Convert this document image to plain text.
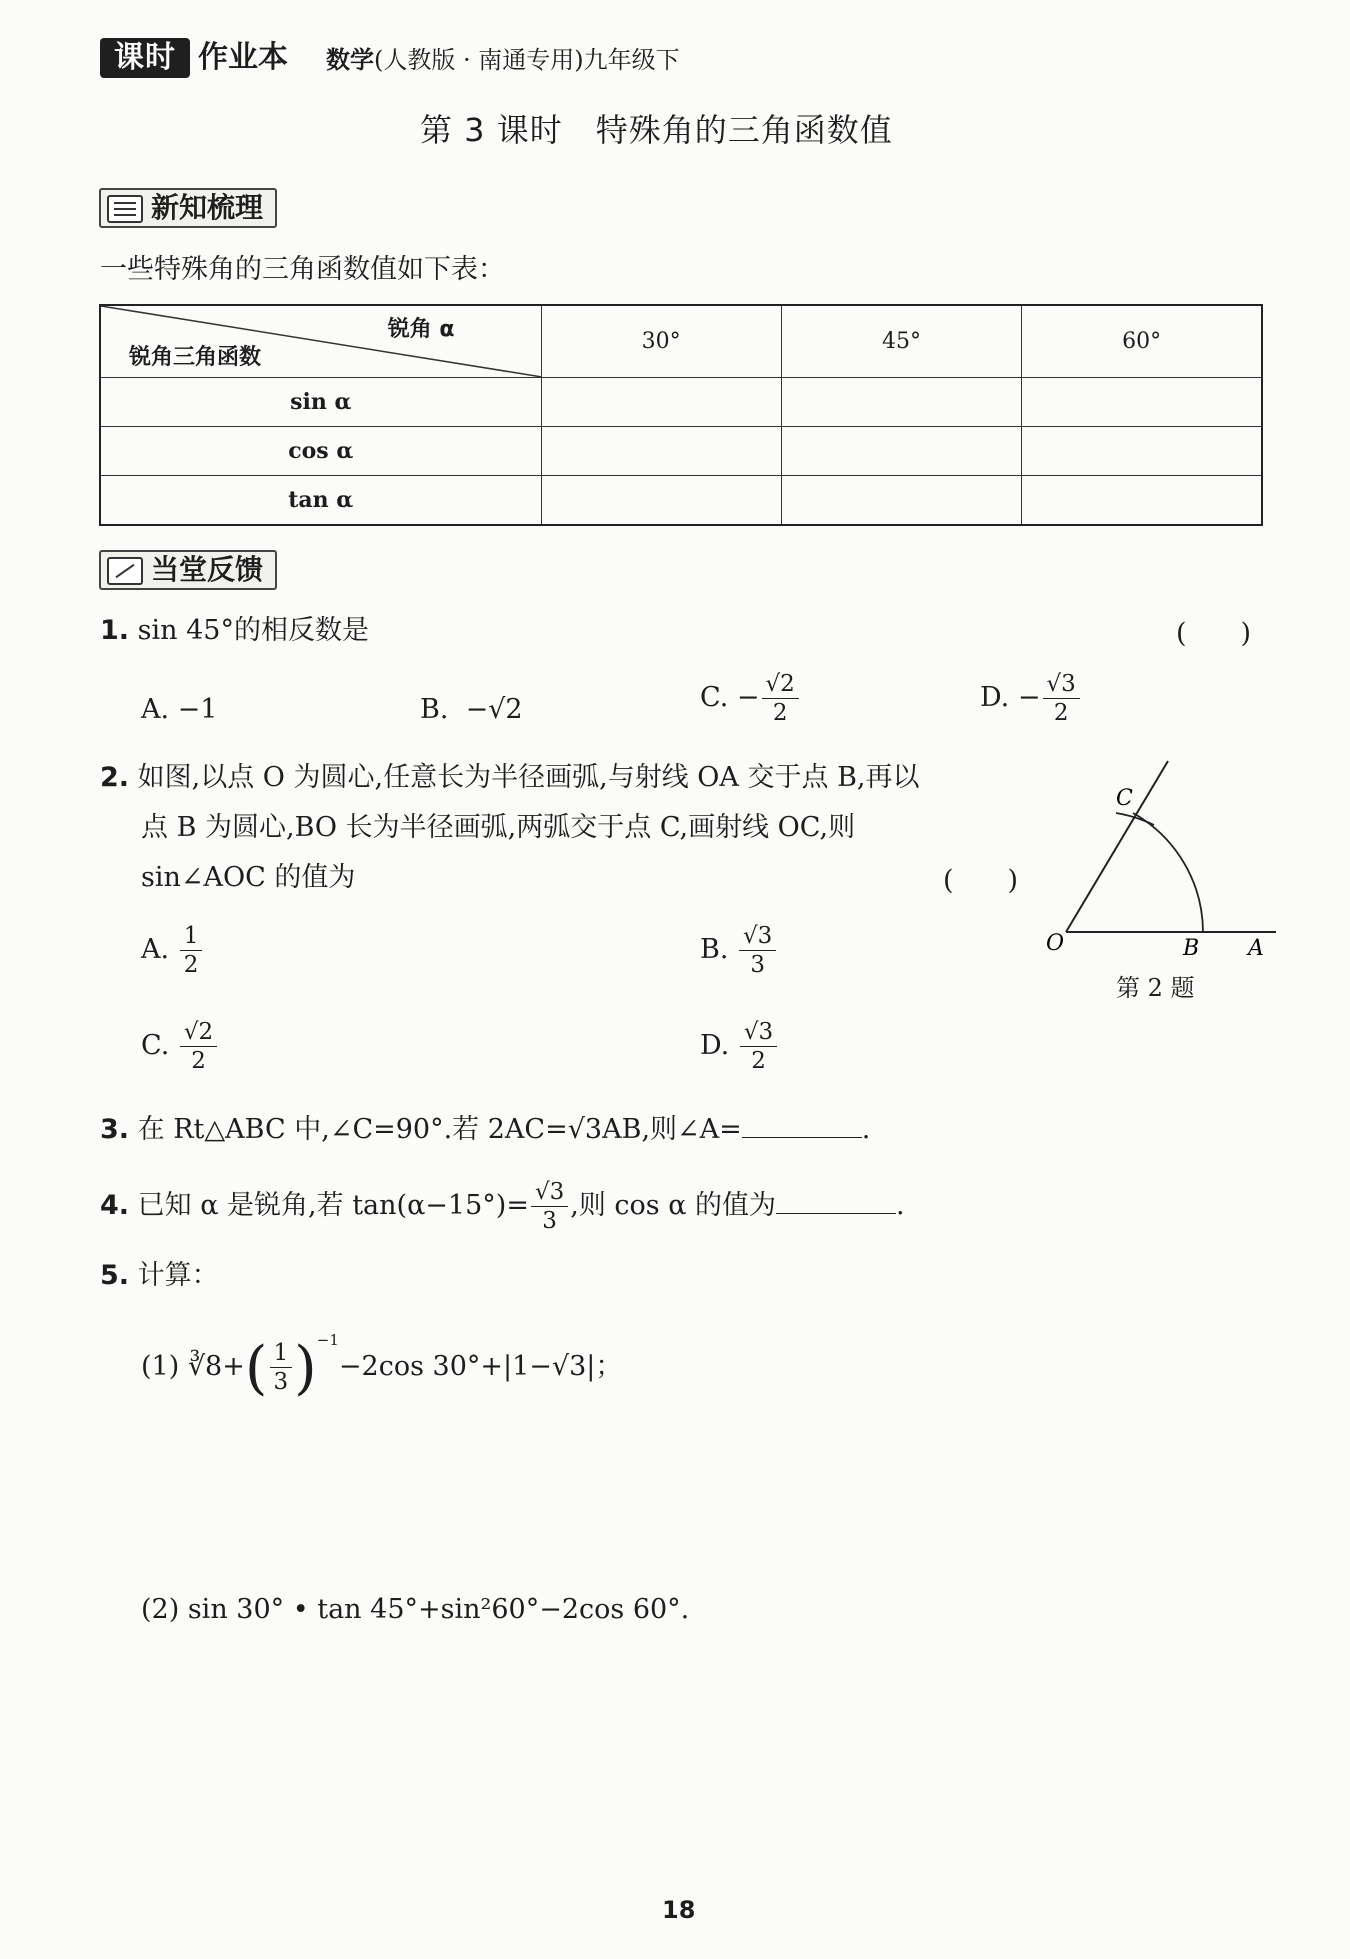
课时 作业本 数学(人教版 · 南通专用)九年级下
第 3 课时　特殊角的三角函数值
新知梳理
一些特殊角的三角函数值如下表：
锐角 α
锐角三角函数	30°	45°	60°
sin α			
cos α			
tan α			
当堂反馈
1. sin 45°的相反数是	(　　)
A. −1	B. −√2	C. − $\frac{√2}{2}$	D. − $\frac{√3}{2}$
2. 如图,以点 O 为圆心,任意长为半径画弧,与射线 OA 交于点 B,再以
点 B 为圆心,BO 长为半径画弧,两弧交于点 C,画射线 OC,则
sin∠AOC 的值为	(　　)
A. $\frac{1}{2}$	B. $\frac{√3}{3}$
C. $\frac{√2}{2}$	D. $\frac{√3}{2}$
O	B A
C
第 2 题
3. 在 Rt△ABC 中,∠C=90°.若 2AC=√3AB,则∠A=	.
4. 已知 α 是锐角,若 $\tan(\alpha-15^\circ)= \frac{√3}{3}$ ,则 cos α 的值为	.
5. 计算：
(1) ∛8+( $\frac{1}{3} )^{-1}-2\cos$ 30°+|1−√3|；
(2) sin 30° • tan 45°+sin²60°−2cos 60°.
18
